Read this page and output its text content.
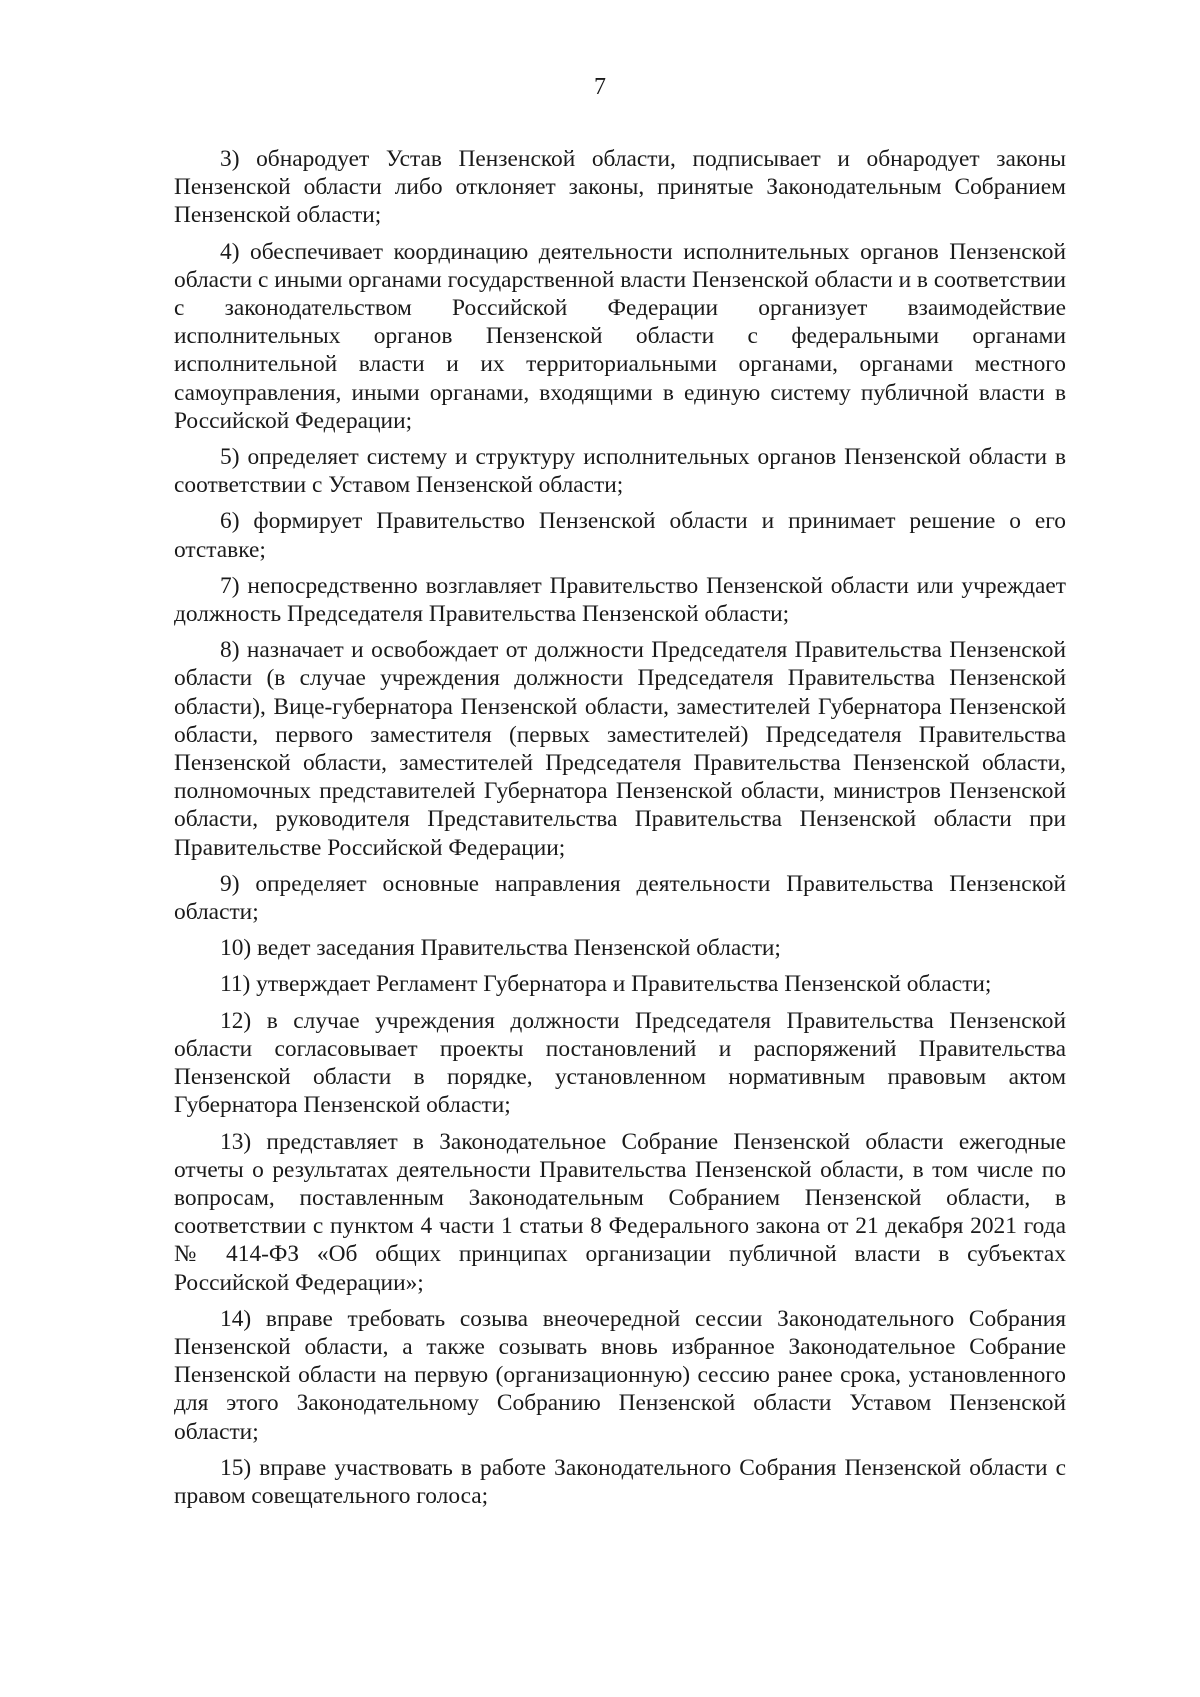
7

3) обнародует Устав Пензенской области, подписывает и обнародует законы Пензенской области либо отклоняет законы, принятые Законодательным Собранием Пензенской области;

4) обеспечивает координацию деятельности исполнительных органов Пензенской области с иными органами государственной власти Пензенской области и в соответствии с законодательством Российской Федерации организует взаимодействие исполнительных органов Пензенской области с федеральными органами исполнительной власти и их территориальными органами, органами местного самоуправления, иными органами, входящими в единую систему публичной власти в Российской Федерации;

5) определяет систему и структуру исполнительных органов Пензенской области в соответствии с Уставом Пензенской области;

6) формирует Правительство Пензенской области и принимает решение о его отставке;

7) непосредственно возглавляет Правительство Пензенской области или учреждает должность Председателя Правительства Пензенской области;

8) назначает и освобождает от должности Председателя Правительства Пензенской области (в случае учреждения должности Председателя Правительства Пензенской области), Вице-губернатора Пензенской области, заместителей Губернатора Пензенской области, первого заместителя (первых заместителей) Председателя Правительства Пензенской области, заместителей Председателя Правительства Пензенской области, полномочных представителей Губернатора Пензенской области, министров Пензенской области, руководителя Представительства Правительства Пензенской области при Правительстве Российской Федерации;

9) определяет основные направления деятельности Правительства Пензенской области;

10) ведет заседания Правительства Пензенской области;

11) утверждает Регламент Губернатора и Правительства Пензенской области;

12) в случае учреждения должности Председателя Правительства Пензенской области согласовывает проекты постановлений и распоряжений Правительства Пензенской области в порядке, установленном нормативным правовым актом Губернатора Пензенской области;

13) представляет в Законодательное Собрание Пензенской области ежегодные отчеты о результатах деятельности Правительства Пензенской области, в том числе по вопросам, поставленным Законодательным Собранием Пензенской области, в соответствии с пунктом 4 части 1 статьи 8 Федерального закона от 21 декабря 2021 года № 414-ФЗ «Об общих принципах организации публичной власти в субъектах Российской Федерации»;

14) вправе требовать созыва внеочередной сессии Законодательного Собрания Пензенской области, а также созывать вновь избранное Законодательное Собрание Пензенской области на первую (организационную) сессию ранее срока, установленного для этого Законодательному Собранию Пензенской области Уставом Пензенской области;

15) вправе участвовать в работе Законодательного Собрания Пензенской области с правом совещательного голоса;
